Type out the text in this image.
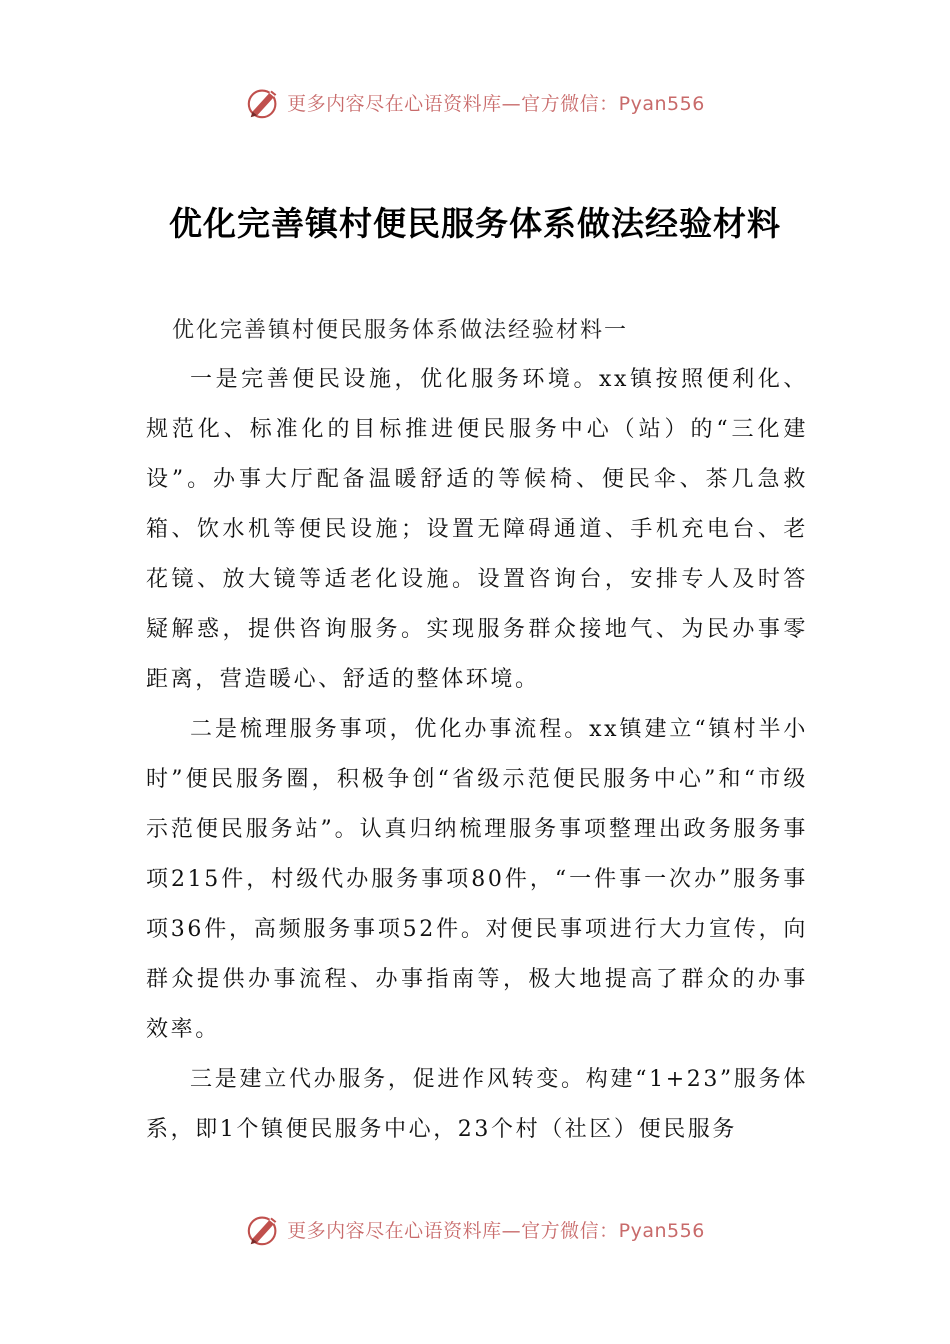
更多内容尽在心语资料库—官方微信：Pyan556
优化完善镇村便民服务体系做法经验材料
优化完善镇村便民服务体系做法经验材料一

一是完善便民设施，优化服务环境。xx镇按照便利化、规范化、标准化的目标推进便民服务中心（站）的“三化建设”。办事大厅配备温暖舒适的等候椅、便民伞、茶几急救箱、饮水机等便民设施；设置无障碍通道、手机充电台、老花镜、放大镜等适老化设施。设置咨询台，安排专人及时答疑解惑，提供咨询服务。实现服务群众接地气、为民办事零距离，营造暖心、舒适的整体环境。

二是梳理服务事项，优化办事流程。xx镇建立“镇村半小时”便民服务圈，积极争创“省级示范便民服务中心”和“市级示范便民服务站”。认真归纳梳理服务事项整理出政务服务事项215件，村级代办服务事项80件，“一件事一次办”服务事项36件，高频服务事项52件。对便民事项进行大力宣传，向群众提供办事流程、办事指南等，极大地提高了群众的办事效率。

三是建立代办服务，促进作风转变。构建“1+23”服务体系，即1个镇便民服务中心，23个村（社区）便民服务

更多内容尽在心语资料库—官方微信：Pyan556
